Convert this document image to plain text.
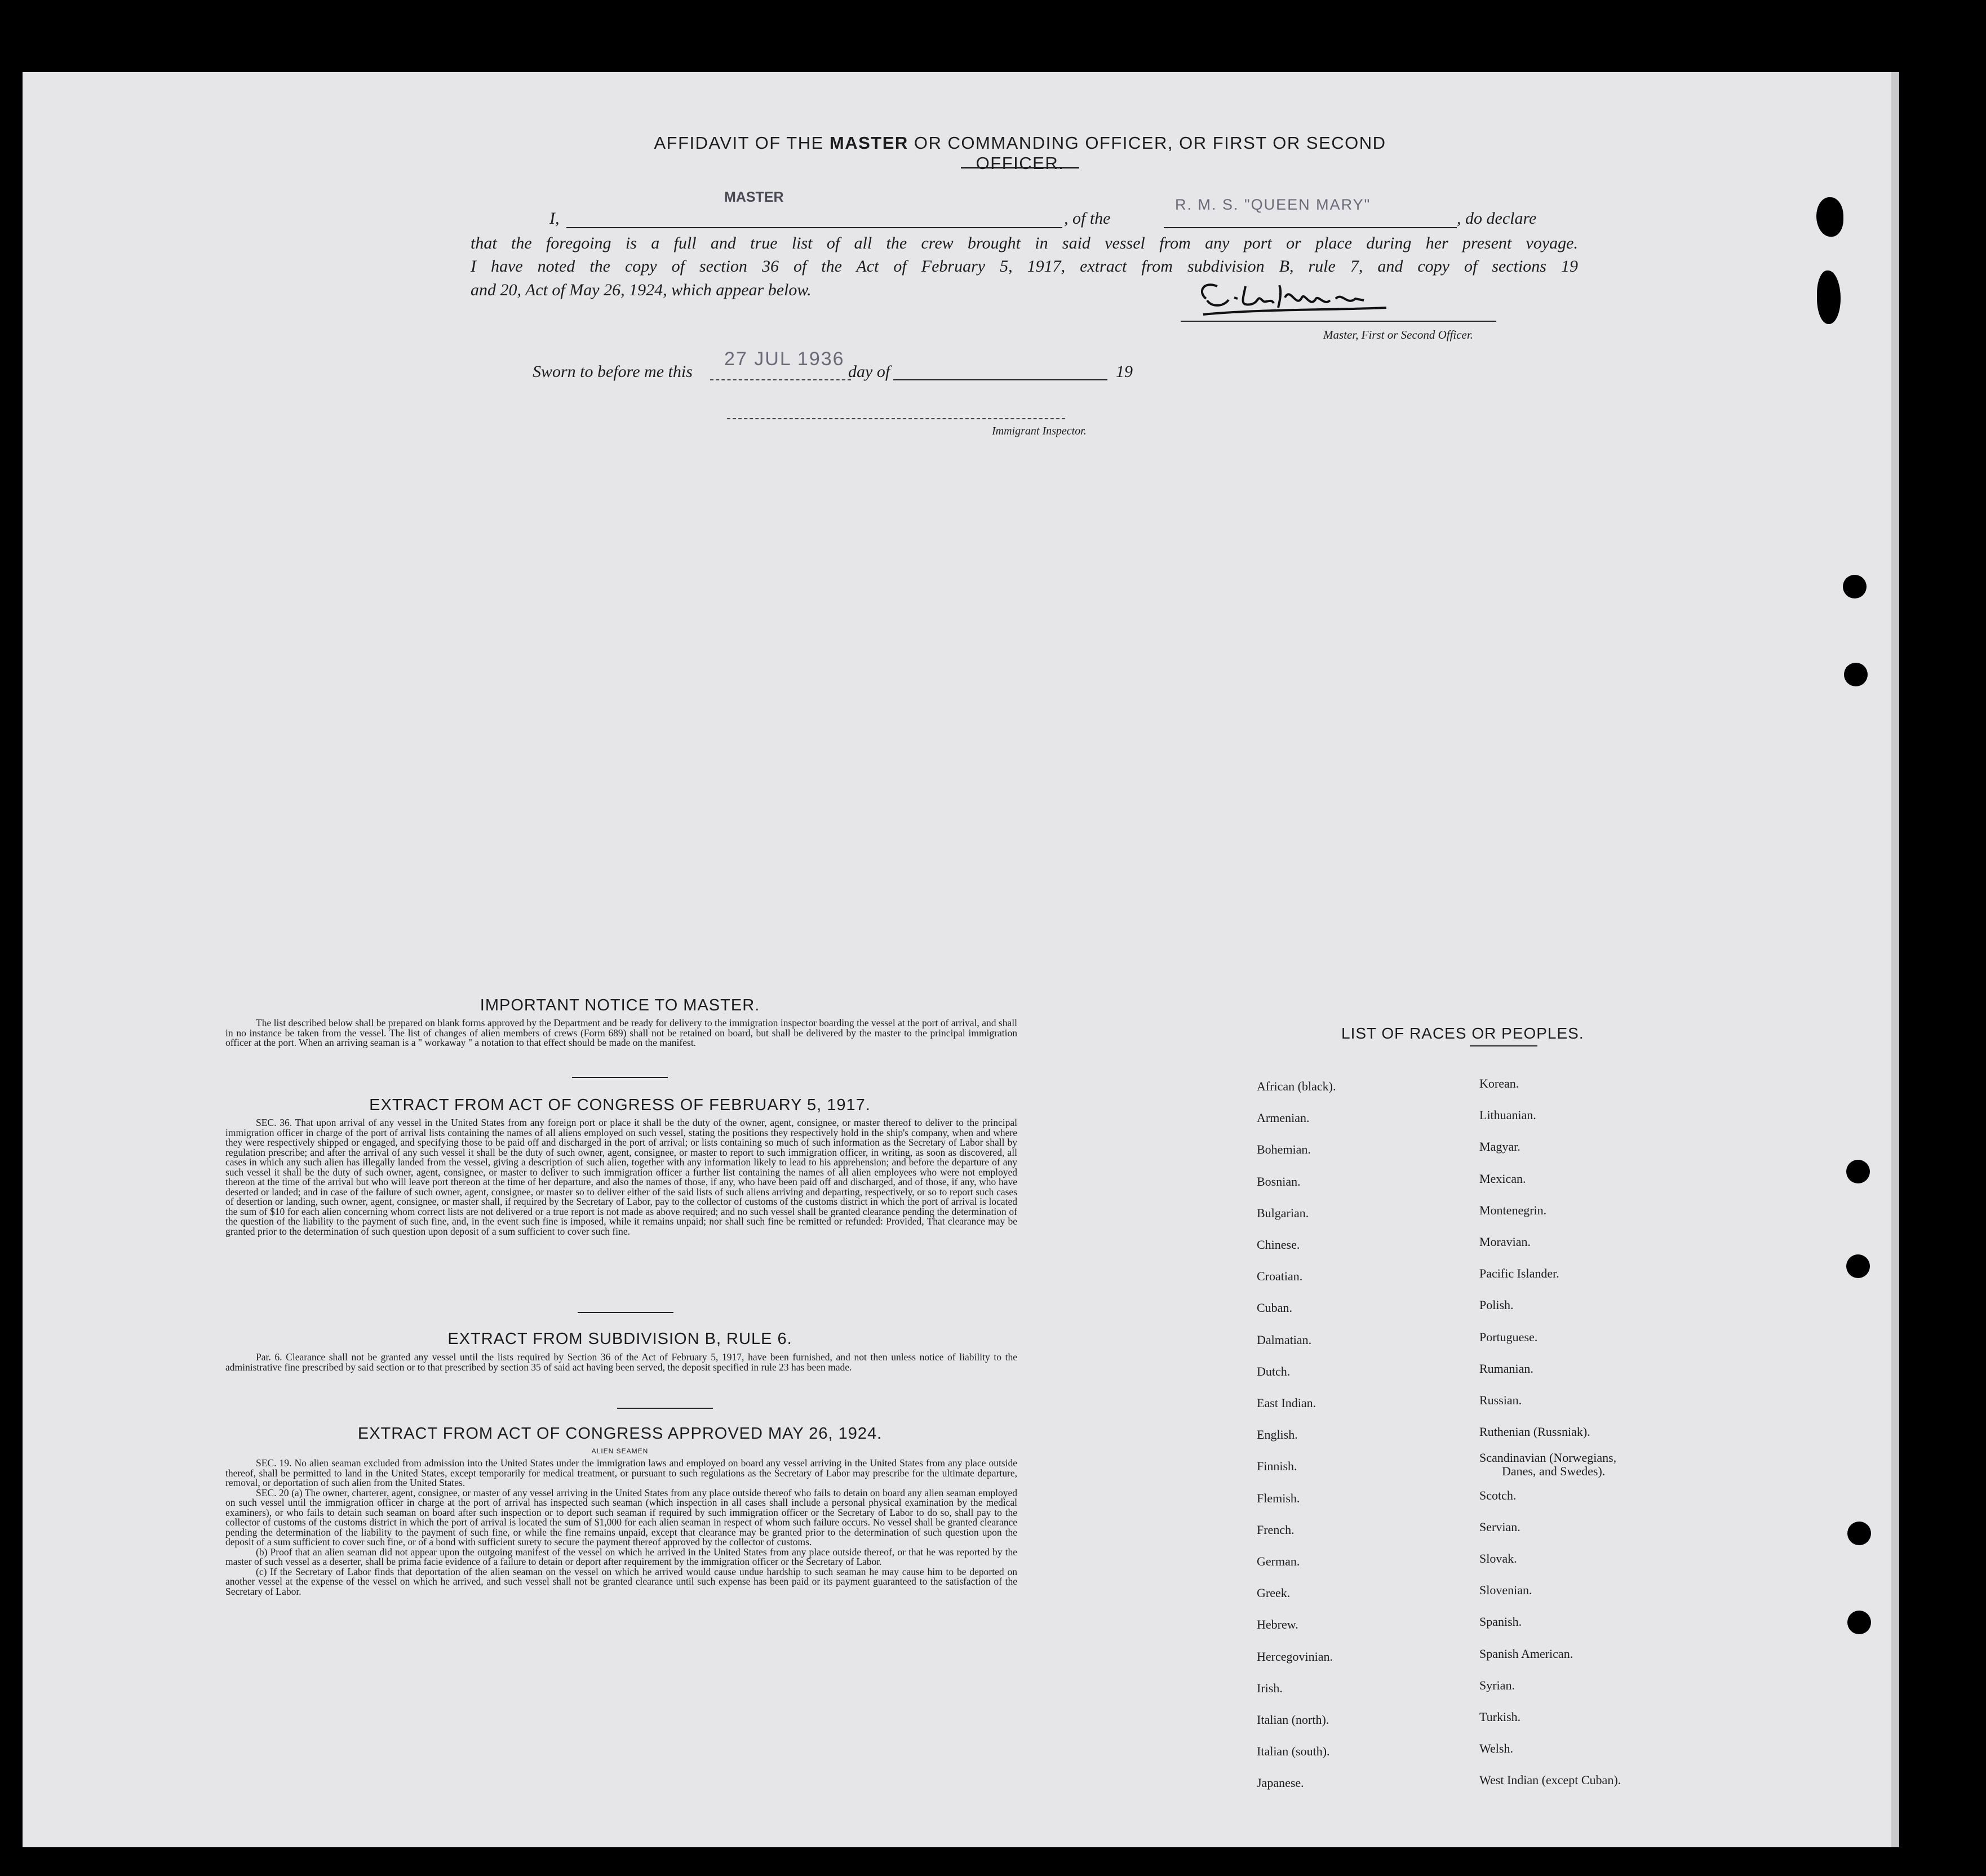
AFFIDAVIT OF THE MASTER OR COMMANDING OFFICER, OR FIRST OR SECOND OFFICER.
MASTER
I,	, of the
R. M. S. "QUEEN MARY"
, do declare
that the foregoing is a full and true list of all the crew brought in said vessel from any port or place during her present voyage.
I have noted the copy of section 36 of the Act of February 5, 1917, extract from subdivision B, rule 7, and copy of sections 19
and 20, Act of May 26, 1924, which appear below.
Master, First or Second Officer.
Sworn to before me this
27 JUL 1936
day of	19
Immigrant Inspector.
IMPORTANT NOTICE TO MASTER.

The list described below shall be prepared on blank forms approved by the Department and be ready for delivery to the immigration inspector boarding the vessel at the port of arrival, and shall in no instance be taken from the vessel. The list of changes of alien members of crews (Form 689) shall not be retained on board, but shall be delivered by the master to the principal immigration officer at the port. When an arriving seaman is a " workaway " a notation to that effect should be made on the manifest.

EXTRACT FROM ACT OF CONGRESS OF FEBRUARY 5, 1917.

SEC. 36. That upon arrival of any vessel in the United States from any foreign port or place it shall be the duty of the owner, agent, consignee, or master thereof to deliver to the principal immigration officer in charge of the port of arrival lists containing the names of all aliens employed on such vessel, stating the positions they respectively hold in the ship's company, when and where they were respectively shipped or engaged, and specifying those to be paid off and discharged in the port of arrival; or lists containing so much of such information as the Secretary of Labor shall by regulation prescribe; and after the arrival of any such vessel it shall be the duty of such owner, agent, consignee, or master to report to such immigration officer, in writing, as soon as discovered, all cases in which any such alien has illegally landed from the vessel, giving a description of such alien, together with any information likely to lead to his apprehension; and before the departure of any such vessel it shall be the duty of such owner, agent, consignee, or master to deliver to such immigration officer a further list containing the names of all alien employees who were not employed thereon at the time of the arrival but who will leave port thereon at the time of her departure, and also the names of those, if any, who have been paid off and discharged, and of those, if any, who have deserted or landed; and in case of the failure of such owner, agent, consignee, or master so to deliver either of the said lists of such aliens arriving and departing, respectively, or so to report such cases of desertion or landing, such owner, agent, consignee, or master shall, if required by the Secretary of Labor, pay to the collector of customs of the customs district in which the port of arrival is located the sum of $10 for each alien concerning whom correct lists are not delivered or a true report is not made as above required; and no such vessel shall be granted clearance pending the determination of the question of the liability to the payment of such fine, and, in the event such fine is imposed, while it remains unpaid; nor shall such fine be remitted or refunded: Provided, That clearance may be granted prior to the determination of such question upon deposit of a sum sufficient to cover such fine.

EXTRACT FROM SUBDIVISION B, RULE 6.

Par. 6. Clearance shall not be granted any vessel until the lists required by Section 36 of the Act of February 5, 1917, have been furnished, and not then unless notice of liability to the administrative fine prescribed by said section or to that prescribed by section 35 of said act having been served, the deposit specified in rule 23 has been made.

EXTRACT FROM ACT OF CONGRESS APPROVED MAY 26, 1924.
ALIEN SEAMEN

SEC. 19. No alien seaman excluded from admission into the United States under the immigration laws and employed on board any vessel arriving in the United States from any place outside thereof, shall be permitted to land in the United States, except temporarily for medical treatment, or pursuant to such regulations as the Secretary of Labor may prescribe for the ultimate departure, removal, or deportation of such alien from the United States.

SEC. 20 (a) The owner, charterer, agent, consignee, or master of any vessel arriving in the United States from any place outside thereof who fails to detain on board any alien seaman employed on such vessel until the immigration officer in charge at the port of arrival has inspected such seaman (which inspection in all cases shall include a personal physical examination by the medical examiners), or who fails to detain such seaman on board after such inspection or to deport such seaman if required by such immigration officer or the Secretary of Labor to do so, shall pay to the collector of customs of the customs district in which the port of arrival is located the sum of $1,000 for each alien seaman in respect of whom such failure occurs. No vessel shall be granted clearance pending the determination of the liability to the payment of such fine, or while the fine remains unpaid, except that clearance may be granted prior to the determination of such question upon the deposit of a sum sufficient to cover such fine, or of a bond with sufficient surety to secure the payment thereof approved by the collector of customs.

(b) Proof that an alien seaman did not appear upon the outgoing manifest of the vessel on which he arrived in the United States from any place outside thereof, or that he was reported by the master of such vessel as a deserter, shall be prima facie evidence of a failure to detain or deport after requirement by the immigration officer or the Secretary of Labor.

(c) If the Secretary of Labor finds that deportation of the alien seaman on the vessel on which he arrived would cause undue hardship to such seaman he may cause him to be deported on another vessel at the expense of the vessel on which he arrived, and such vessel shall not be granted clearance until such expense has been paid or its payment guaranteed to the satisfaction of the Secretary of Labor.

LIST OF RACES OR PEOPLES.
African (black).
Armenian.
Bohemian.
Bosnian.
Bulgarian.
Chinese.
Croatian.
Cuban.
Dalmatian.
Dutch.
East Indian.
English.
Finnish.
Flemish.
French.
German.
Greek.
Hebrew.
Hercegovinian.
Irish.
Italian (north).
Italian (south).
Japanese.
Korean.
Lithuanian.
Magyar.
Mexican.
Montenegrin.
Moravian.
Pacific Islander.
Polish.
Portuguese.
Rumanian.
Russian.
Ruthenian (Russniak).
Scandinavian (Norwegians,
Danes, and Swedes).
Scotch.
Servian.
Slovak.
Slovenian.
Spanish.
Spanish American.
Syrian.
Turkish.
Welsh.
West Indian (except Cuban).
